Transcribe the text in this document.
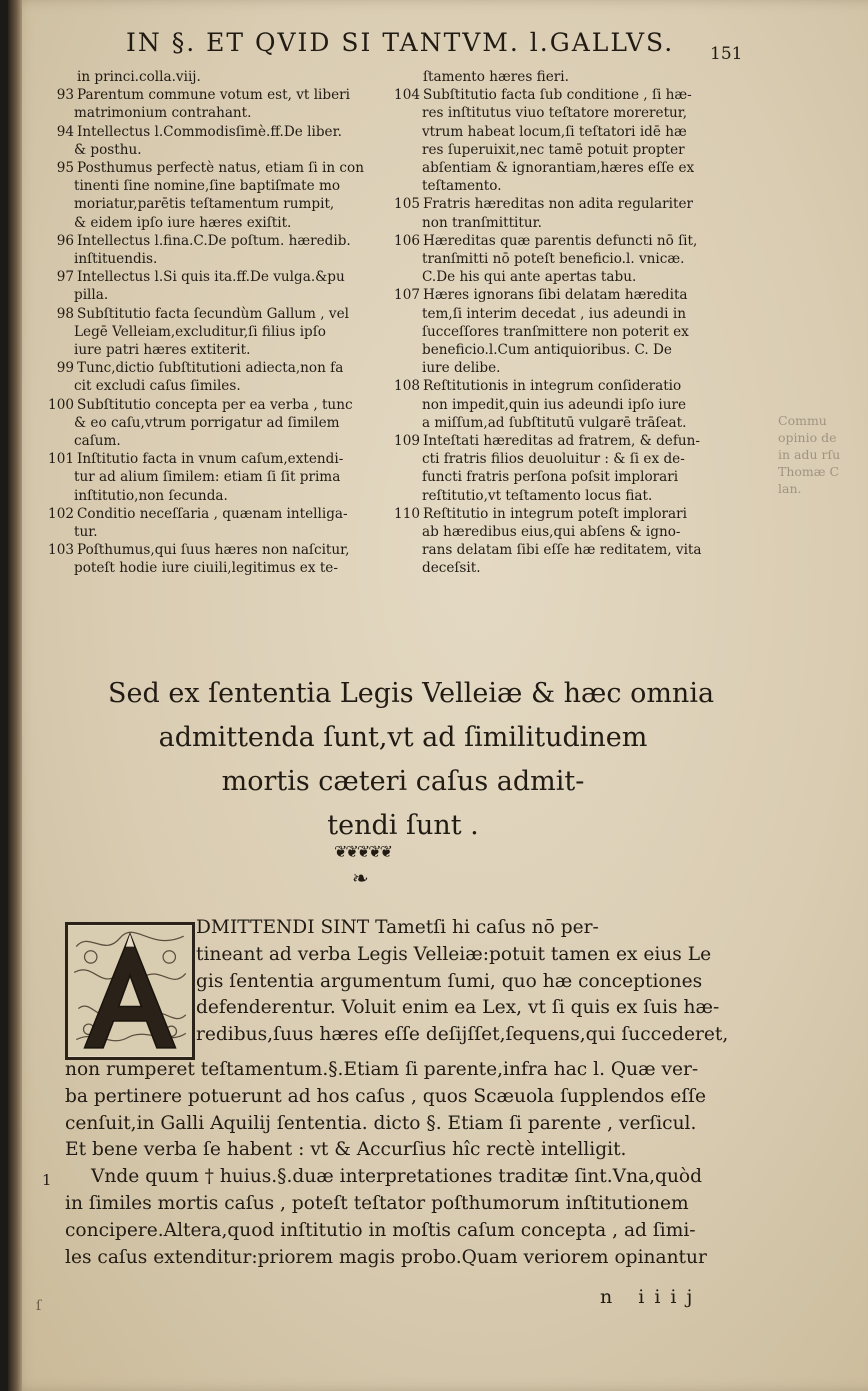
IN §. ET QVID SI TANTVM. l.GALLVS. 151
in princi.colla.viij.
93 Parentum commune votum est, vt liberi
matrimonium contrahant.
94 Intellectus l.Commodisſimè.ff.De liber.
& posthu.
95 Posthumus perfectè natus, etiam ſi in con
tinenti ſine nomine,ſine baptiſmate mo
moriatur,parētis teſtamentum rumpit,
& eidem ipſo iure hæres exiſtit.
96 Intellectus l.fina.C.De poſtum. hæredib.
inſtituendis.
97 Intellectus l.Si quis ita.ff.De vulga.&pu
pilla.
98 Subſtitutio facta ſecundùm Gallum , vel
Legē Velleiam,excluditur,ſi filius ipſo
iure patri hæres extiterit.
99 Tunc,dictio ſubſtitutioni adiecta,non fa
cit excludi caſus ſimiles.
100 Subſtitutio concepta per ea verba , tunc
& eo caſu,vtrum porrigatur ad ſimilem
caſum.
101 Inſtitutio facta in vnum caſum,extendi-
tur ad alium ſimilem: etiam ſi ſit prima
inſtitutio,non ſecunda.
102 Conditio neceſſaria , quænam intelliga-
tur.
103 Poſthumus,qui ſuus hæres non naſcitur,
poteſt hodie iure ciuili,legitimus ex te-
ſtamento hæres fieri.
104 Subſtitutio facta ſub conditione , ſi hæ-
res inſtitutus viuo teſtatore moreretur,
vtrum habeat locum,ſi teſtatori idē hæ
res ſuperuixit,nec tamē potuit propter
abſentiam & ignorantiam,hæres eſſe ex
teſtamento.
105 Fratris hæreditas non adita regulariter
non tranſmittitur.
106 Hæreditas quæ parentis defuncti nō ſit,
tranſmitti nō poteſt beneficio.l. vnicæ.
C.De his qui ante apertas tabu.
107 Hæres ignorans ſibi delatam hæredita
tem,ſi interim decedat , ius adeundi in
ſucceſſores tranſmittere non poterit ex
beneficio.l.Cum antiquioribus. C. De
iure delibe.
108 Reſtitutionis in integrum conſideratio
non impedit,quin ius adeundi ipſo iure
a miſſum,ad ſubſtitutū vulgarē trāſeat.
109 Inteſtati hæreditas ad fratrem, & defun-
cti fratris filios deuoluitur : & ſi ex de-
functi fratris perſona poſsit implorari
reſtitutio,vt teſtamento locus fiat.
110 Reſtitutio in integrum poteſt implorari
ab hæredibus eius,qui abſens & igno-
rans delatam ſibi eſſe hæ reditatem, vita
deceſsit.
Commu
opinio de
in adu rſu
Thomæ C
lan.
Sed ex ſententia Legis Velleiæ & hæc omnia
admittenda ſunt,vt ad ſimilitudinem
mortis cæteri caſus admit-
tendi ſunt .
❦❦❦❦❦
❧
DMITTENDI SINT Tametſi hi caſus nō per-
tineant ad verba Legis Velleiæ:potuit tamen ex eius Le
gis ſententia argumentum ſumi, quo hæ conceptiones
defenderentur. Voluit enim ea Lex, vt ſi quis ex ſuis hæ-
redibus,ſuus hæres eſſe deſijſſet,ſequens,qui ſuccederet,
non rumperet teſtamentum.§.Etiam ſi parente,infra hac l. Quæ ver-
ba pertinere potuerunt ad hos caſus , quos Scæuola ſupplendos eſſe
cenſuit,in Galli Aquilij ſententia. dicto §. Etiam ſi parente , verſicul.
Et bene verba ſe habent : vt & Accurſius hîc rectè intelligit.
Vnde quum † huius.§.duæ interpretationes traditæ ſint.Vna,quòd
in ſimiles mortis caſus , poteſt teſtator poſthumorum inſtitutionem
concipere.Altera,quod inſtitutio in moſtis caſum concepta , ad ſimi-
les caſus extenditur:priorem magis probo.Quam veriorem opinantur
1
ſ	n iiij
